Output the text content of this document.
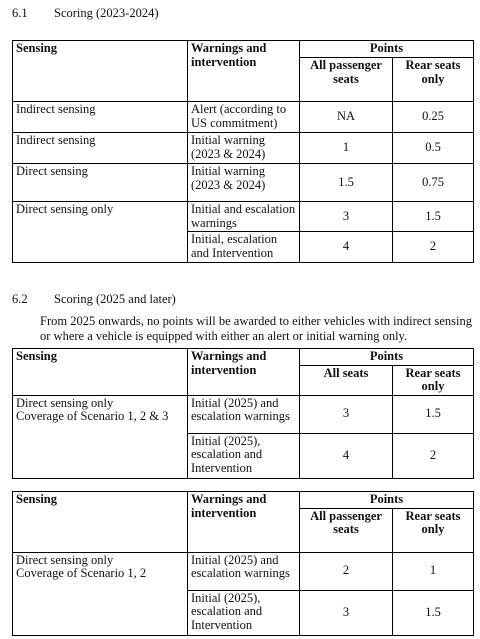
6.1 Scoring (2023-2024)
Sensing	Warnings and intervention	Points	
		All passenger seats	Rear seats only
Indirect sensing	Alert (according to US commitment)	NA	0.25
Indirect sensing	Initial warning (2023 & 2024)	1	0.5
Direct sensing	Initial warning (2023 & 2024)	1.5	0.75
Direct sensing only	Initial and escalation warnings	3	1.5
	Initial, escalation and Intervention	4	2
6.2 Scoring (2025 and later)
From 2025 onwards, no points will be awarded to either vehicles with indirect sensing or where a vehicle is equipped with either an alert or initial warning only.
Sensing	Warnings and intervention	Points	
		All seats	Rear seats only

Direct sensing only
Coverage of Scenario 1, 2 & 3	Initial (2025) and escalation warnings	3	1.5
	Initial (2025), escalation and Intervention	4	2
Sensing	Warnings and intervention	Points	
		All passenger seats	Rear seats only

Direct sensing only
Coverage of Scenario 1, 2	Initial (2025) and escalation warnings	2	1
	Initial (2025), escalation and Intervention	3	1.5
